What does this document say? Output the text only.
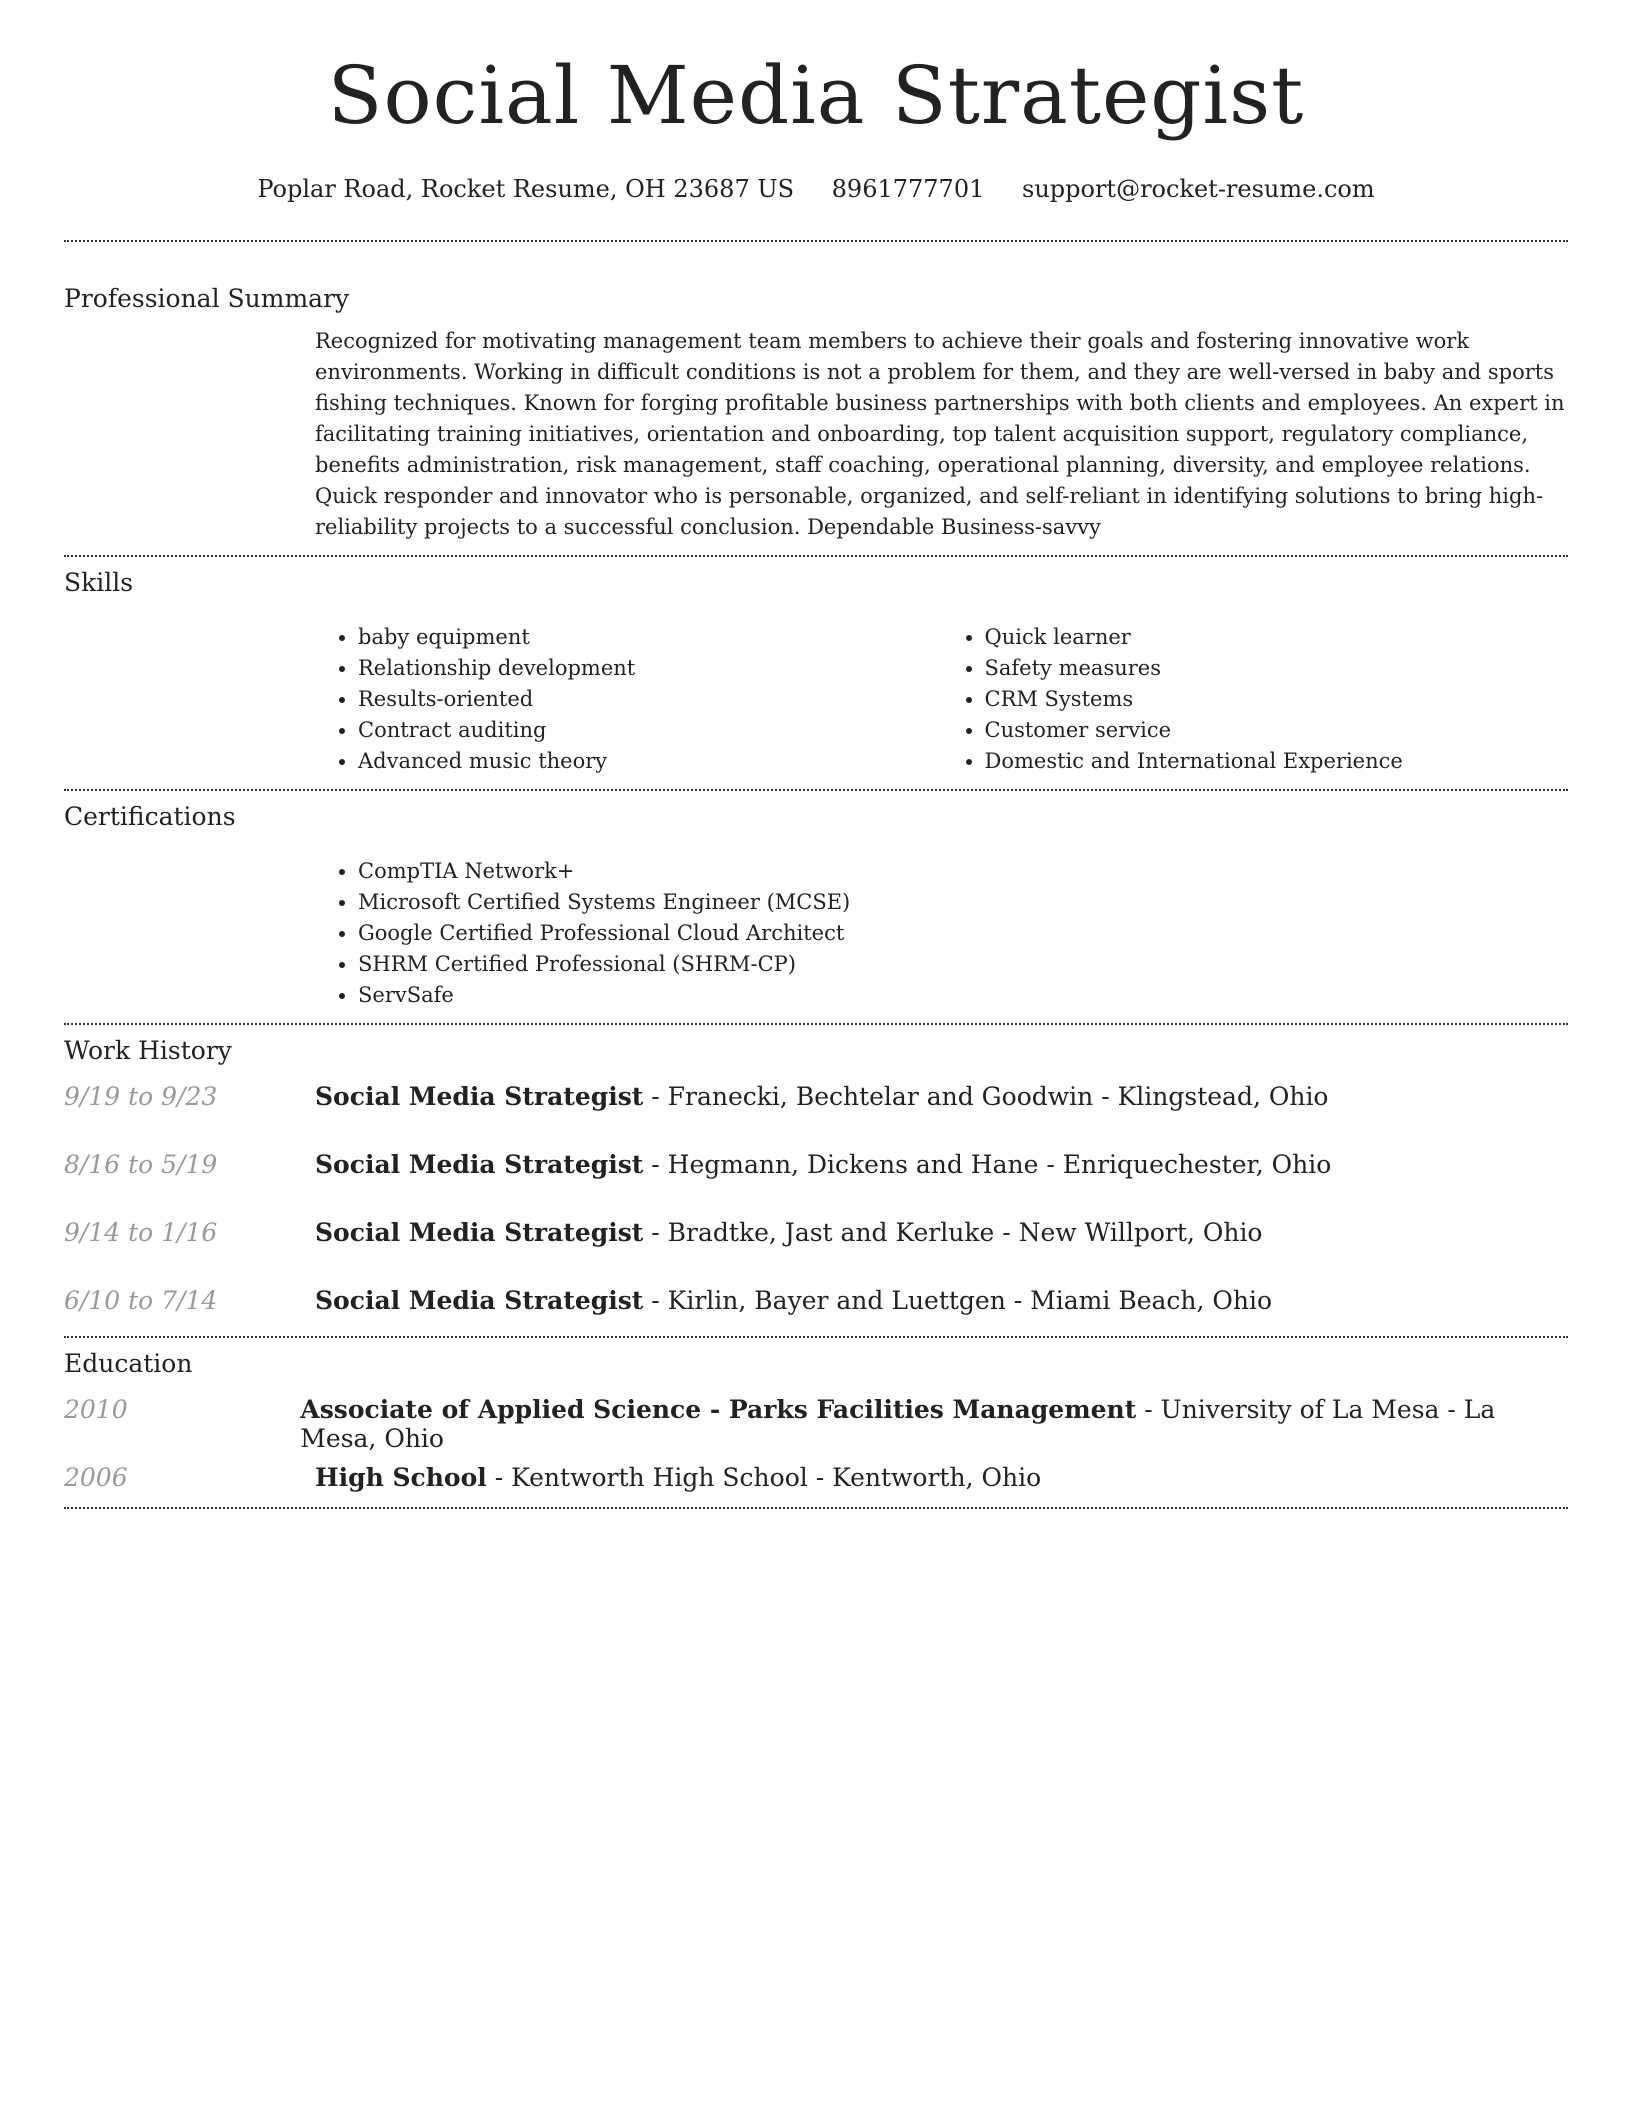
Social Media Strategist
Poplar Road, Rocket Resume, OH 23687 US 8961777701 support@rocket-resume.com
Professional Summary

Recognized for motivating management team members to achieve their goals and fostering innovative work environments. Working in difficult conditions is not a problem for them, and they are well-versed in baby and sports fishing techniques. Known for forging profitable business partnerships with both clients and employees. An expert in facilitating training initiatives, orientation and onboarding, top talent acquisition support, regulatory compliance, benefits administration, risk management, staff coaching, operational planning, diversity, and employee relations. Quick responder and innovator who is personable, organized, and self-reliant in identifying solutions to bring high-reliability projects to a successful conclusion. Dependable Business-savvy

Skills
• baby equipment
• Relationship development
• Results-oriented
• Contract auditing
• Advanced music theory
• Quick learner
• Safety measures
• CRM Systems
• Customer service
• Domestic and International Experience
Certifications
• CompTIA Network+
• Microsoft Certified Systems Engineer (MCSE)
• Google Certified Professional Cloud Architect
• SHRM Certified Professional (SHRM-CP)
• ServSafe
Work History
9/19 to 9/23	Social Media Strategist - Franecki, Bechtelar and Goodwin - Klingstead, Ohio
8/16 to 5/19	Social Media Strategist - Hegmann, Dickens and Hane - Enriquechester, Ohio
9/14 to 1/16	Social Media Strategist - Bradtke, Jast and Kerluke - New Willport, Ohio
6/10 to 7/14	Social Media Strategist - Kirlin, Bayer and Luettgen - Miami Beach, Ohio
Education
2010	Associate of Applied Science - Parks Facilities Management - University of La Mesa - La Mesa, Ohio
2006	High School - Kentworth High School - Kentworth, Ohio
